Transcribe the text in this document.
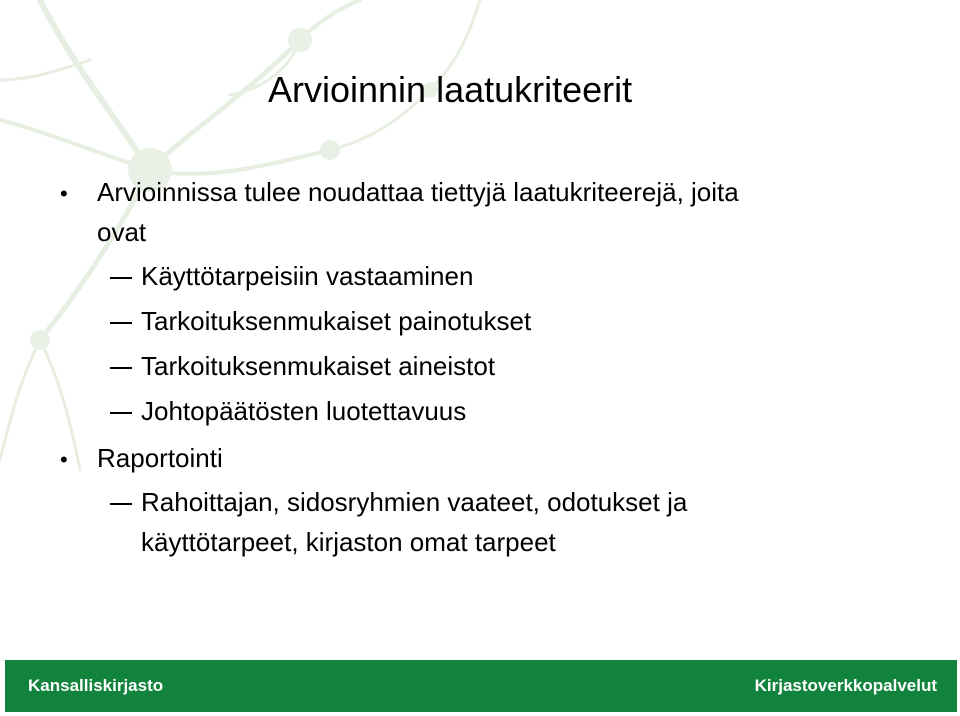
Arvioinnin laatukriteerit
• Arvioinnissa tulee noudattaa tiettyjä laatukriteerejä, joita
ovat
Käyttötarpeisiin vastaaminen
Tarkoituksenmukaiset painotukset
Tarkoituksenmukaiset aineistot
Johtopäätösten luotettavuus
• Raportointi
Rahoittajan, sidosryhmien vaateet, odotukset ja
käyttötarpeet, kirjaston omat tarpeet
Kansalliskirjasto	Kirjastoverkkopalvelut
